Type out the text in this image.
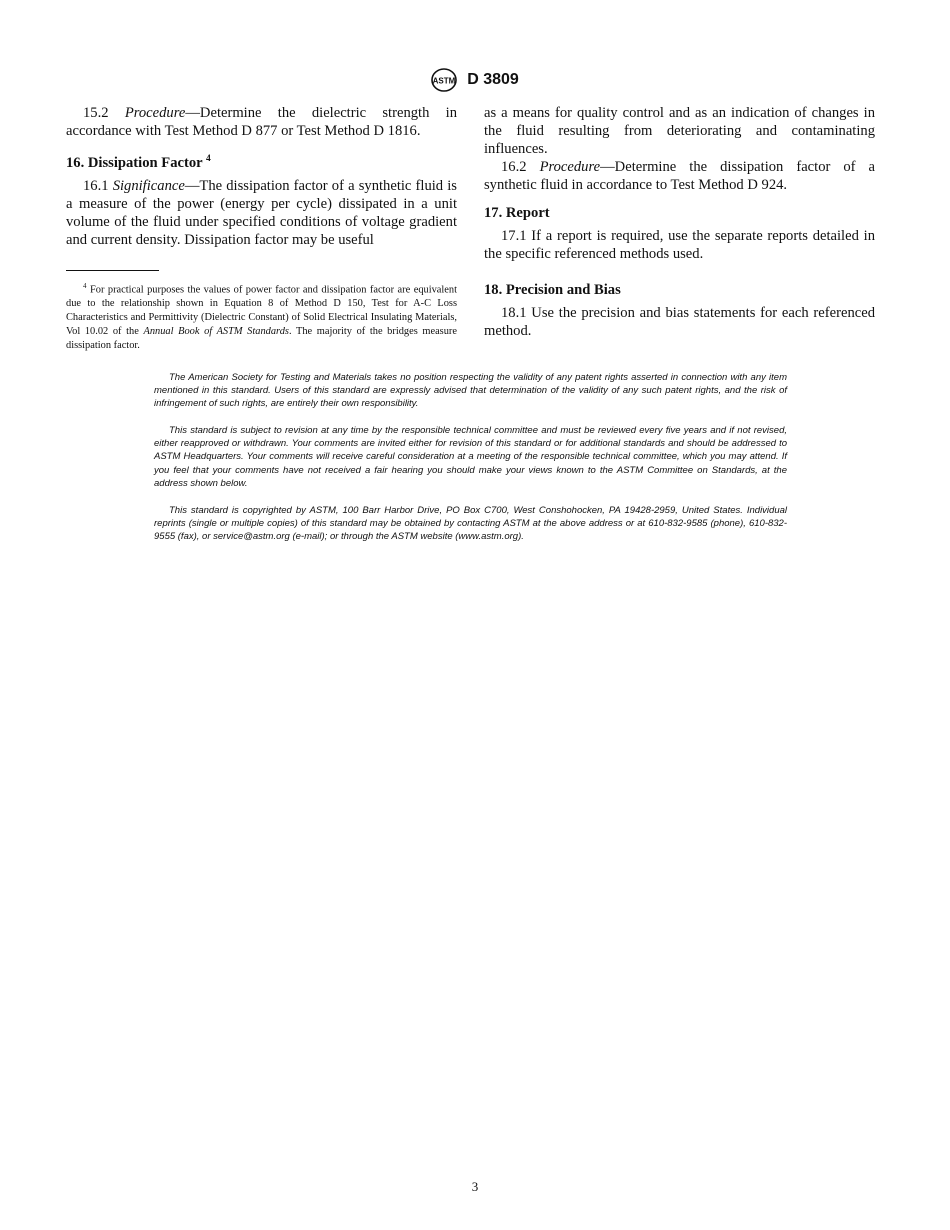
ASTM D 3809

15.2 Procedure—Determine the dielectric strength in accordance with Test Method D 877 or Test Method D 1816.

16. Dissipation Factor $^4$

16.1 Significance—The dissipation factor of a synthetic fluid is a measure of the power (energy per cycle) dissipated in a unit volume of the fluid under specified conditions of voltage gradient and current density. Dissipation factor may be useful

$^4$ For practical purposes the values of power factor and dissipation factor are equivalent due to the relationship shown in Equation 8 of Method D 150, Test for A-C Loss Characteristics and Permittivity (Dielectric Constant) of Solid Electrical Insulating Materials, Vol 10.02 of the Annual Book of ASTM Standards. The majority of the bridges measure dissipation factor.

as a means for quality control and as an indication of changes in the fluid resulting from deteriorating and contaminating influences.

16.2 Procedure—Determine the dissipation factor of a synthetic fluid in accordance to Test Method D 924.

17. Report

17.1 If a report is required, use the separate reports detailed in the specific referenced methods used.

18. Precision and Bias

18.1 Use the precision and bias statements for each referenced method.

The American Society for Testing and Materials takes no position respecting the validity of any patent rights asserted in connection with any item mentioned in this standard. Users of this standard are expressly advised that determination of the validity of any such patent rights, and the risk of infringement of such rights, are entirely their own responsibility.

This standard is subject to revision at any time by the responsible technical committee and must be reviewed every five years and if not revised, either reapproved or withdrawn. Your comments are invited either for revision of this standard or for additional standards and should be addressed to ASTM Headquarters. Your comments will receive careful consideration at a meeting of the responsible technical committee, which you may attend. If you feel that your comments have not received a fair hearing you should make your views known to the ASTM Committee on Standards, at the address shown below.

This standard is copyrighted by ASTM, 100 Barr Harbor Drive, PO Box C700, West Conshohocken, PA 19428-2959, United States. Individual reprints (single or multiple copies) of this standard may be obtained by contacting ASTM at the above address or at 610-832-9585 (phone), 610-832-9555 (fax), or service@astm.org (e-mail); or through the ASTM website (www.astm.org).

3
